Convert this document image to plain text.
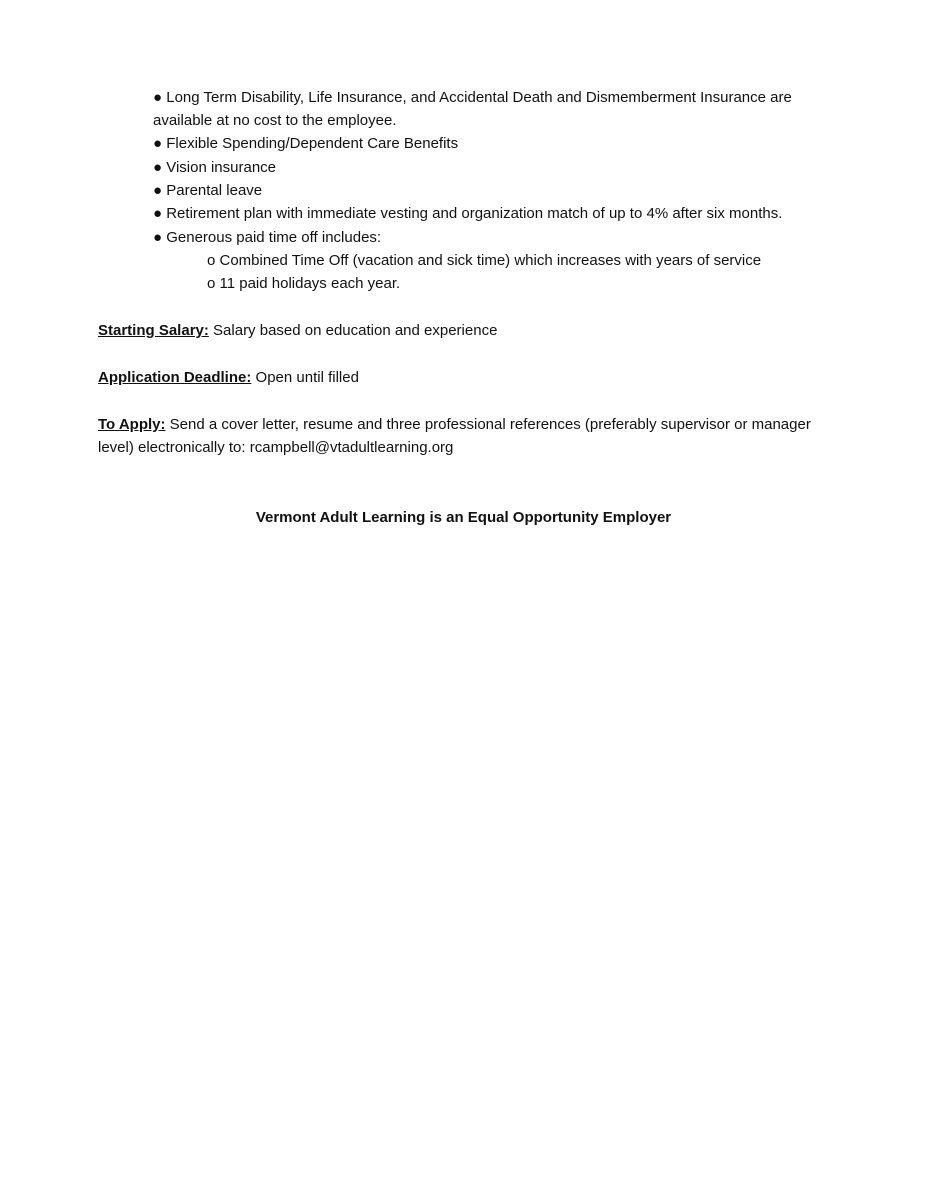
● Long Term Disability, Life Insurance, and Accidental Death and Dismemberment Insurance are
available at no cost to the employee.
● Flexible Spending/Dependent Care Benefits
● Vision insurance
● Parental leave
● Retirement plan with immediate vesting and organization match of up to 4% after six months.
● Generous paid time off includes:
o Combined Time Off (vacation and sick time) which increases with years of service
o 11 paid holidays each year.
Starting Salary: Salary based on education and experience
Application Deadline: Open until filled
To Apply: Send a cover letter, resume and three professional references (preferably supervisor or manager
level) electronically to: rcampbell@vtadultlearning.org
Vermont Adult Learning is an Equal Opportunity Employer
